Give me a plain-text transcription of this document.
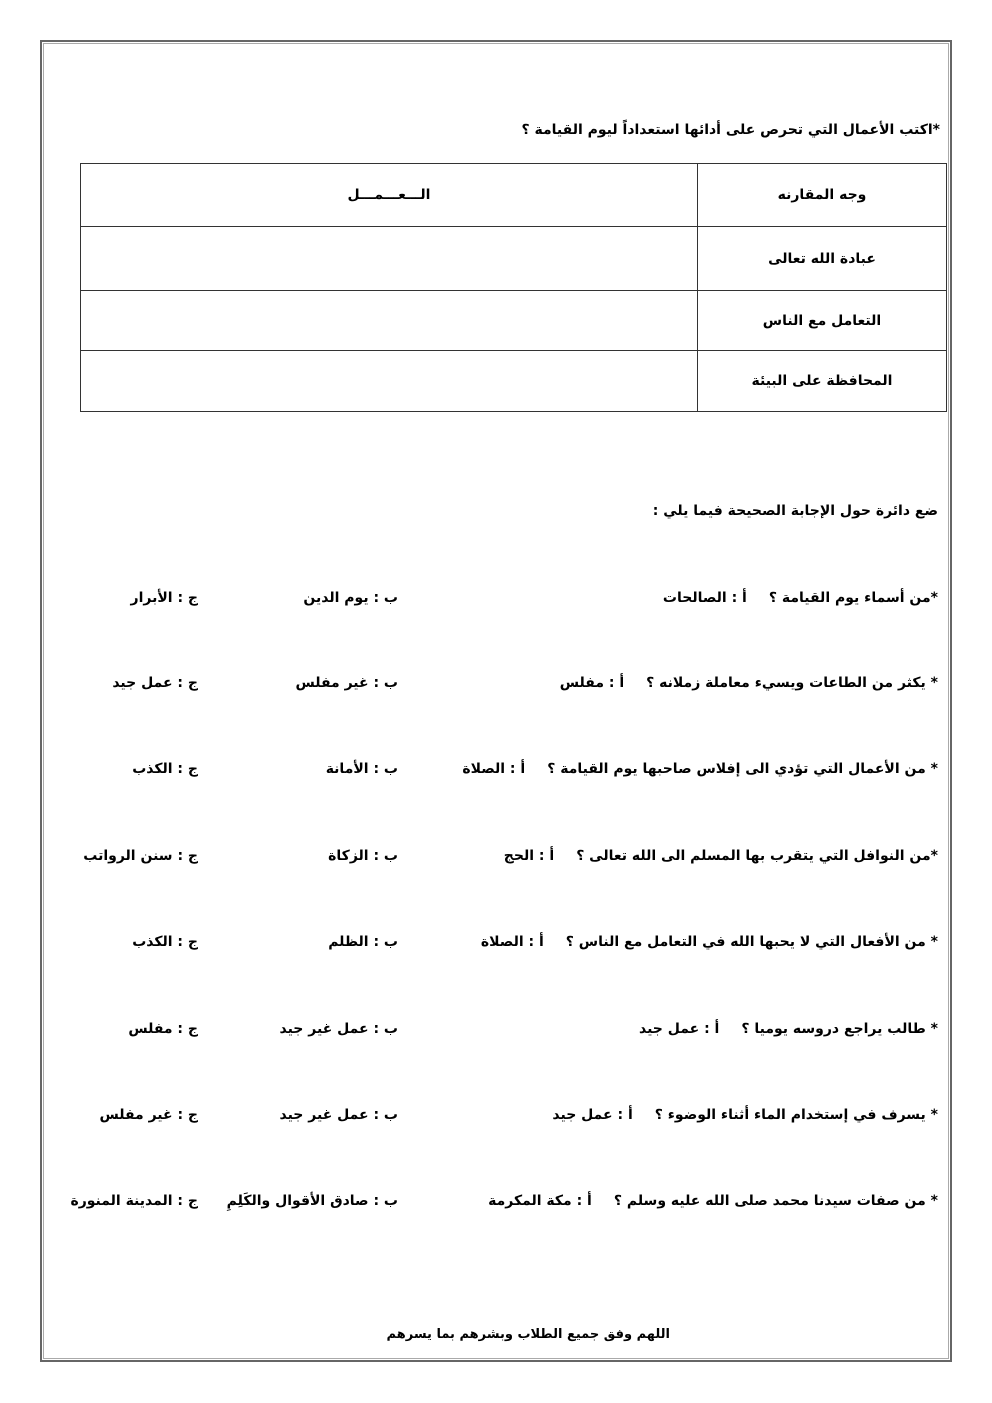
*اكتب الأعمال التي تحرص على أدائها استعداداً ليوم القيامة ؟
وجه المقارنه	الـــعـــمـــل
عبادة الله تعالى	
التعامل مع الناس	
المحافظة على البيئة	
ضع دائرة حول الإجابة الصحيحة فيما يلي :
*من أسماء يوم القيامة ؟
أ : الصالحات
ب : يوم الدين
ج : الأبرار
* يكثر من الطاعات ويسيء معاملة زملانه ؟
أ : مفلس
ب : غير مفلس
ج : عمل جيد
* من الأعمال التي تؤدي الى إفلاس صاحبها يوم القيامة ؟
أ : الصلاة
ب : الأمانة
ج : الكذب
*من النوافل التي يتقرب بها المسلم الى الله تعالى ؟
أ : الحج
ب : الزكاة
ج : سنن الرواتب
* من الأفعال التي لا يحبها الله في التعامل مع الناس ؟
أ : الصلاة
ب : الظلم
ج : الكذب
* طالب يراجع دروسه يوميا ؟
أ : عمل جيد
ب : عمل غير جيد
ج : مفلس
* يسرف في إستخدام الماء أثناء الوضوء ؟
أ : عمل جيد
ب : عمل غير جيد
ج : غير مفلس
* من صفات سيدنا محمد صلى الله عليه وسلم ؟
أ : مكة المكرمة
ب : صادق الأقوال والكَلِمِ
ج : المدينة المنورة
اللهم وفق جميع الطلاب وبشرهم بما يسرهم
